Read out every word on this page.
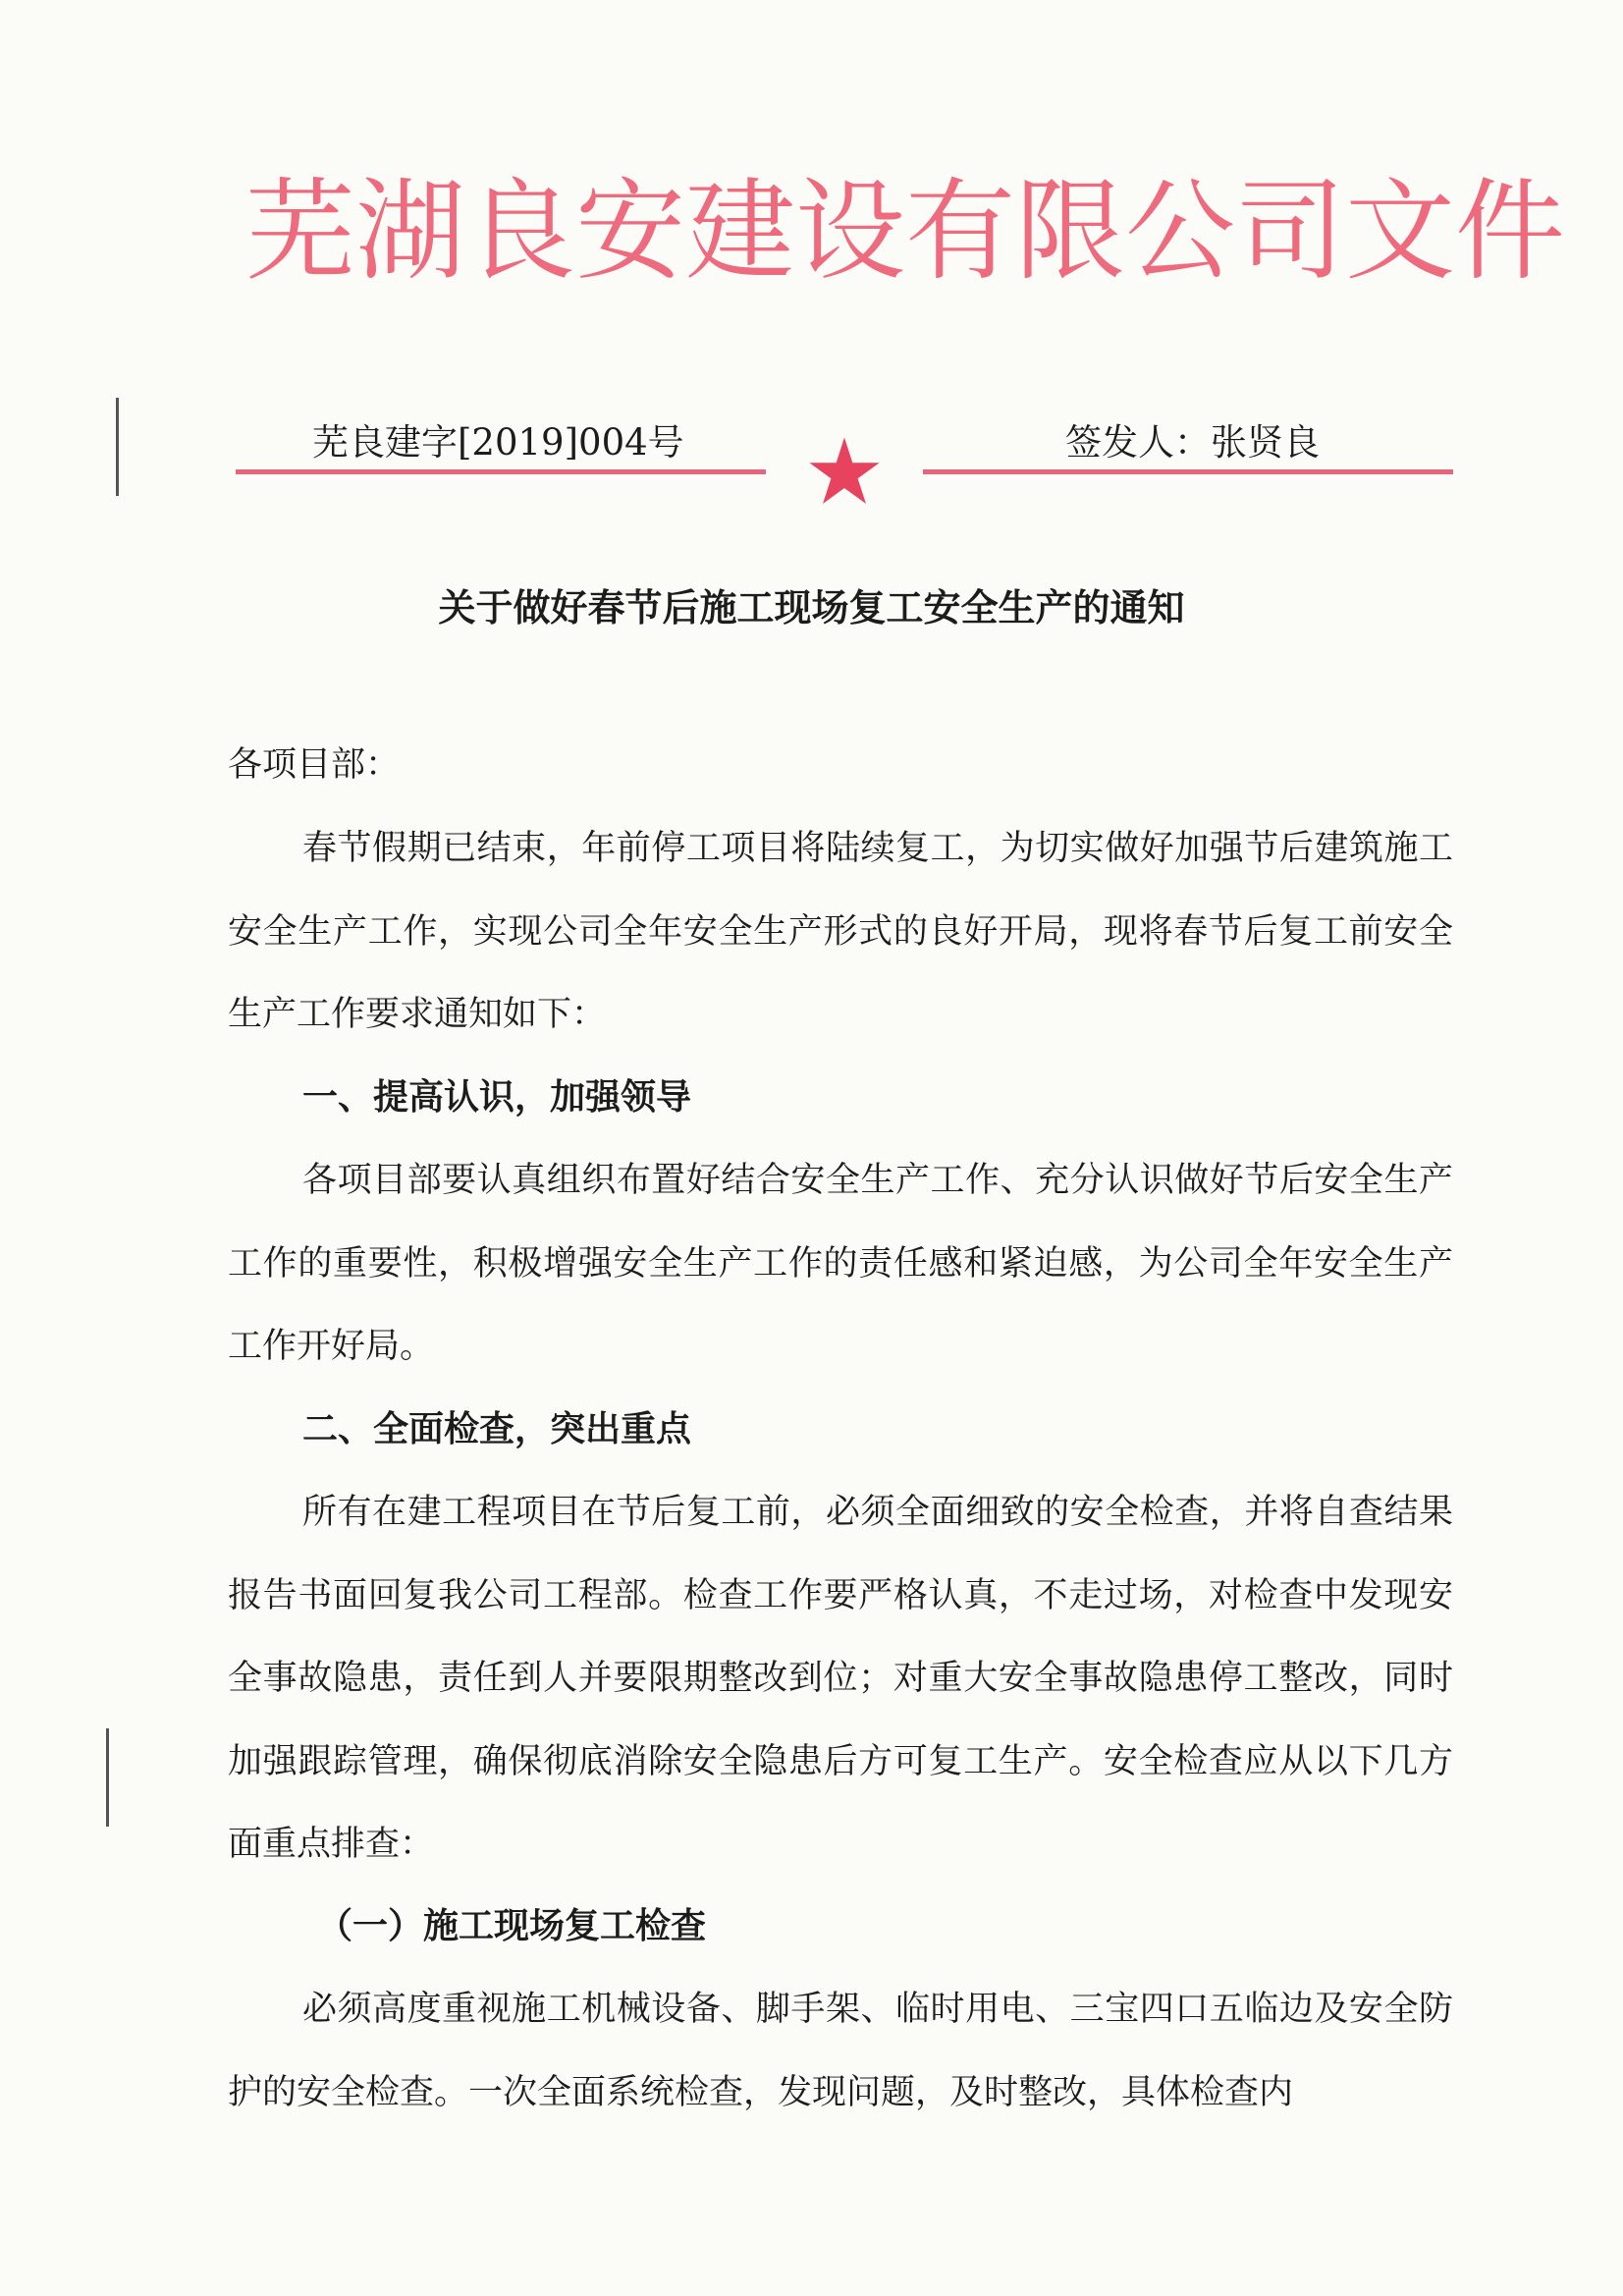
芜湖良安建设有限公司文件
芜良建字[2019]004号	签发人：张贤良
关于做好春节后施工现场复工安全生产的通知
各项目部：

春节假期已结束，年前停工项目将陆续复工，为切实做好加强节后建筑施工安全生产工作，实现公司全年安全生产形式的良好开局，现将春节后复工前安全生产工作要求通知如下：

一、提高认识，加强领导

各项目部要认真组织布置好结合安全生产工作、充分认识做好节后安全生产工作的重要性，积极增强安全生产工作的责任感和紧迫感，为公司全年安全生产工作开好局。

二、全面检查，突出重点

所有在建工程项目在节后复工前，必须全面细致的安全检查，并将自查结果报告书面回复我公司工程部。检查工作要严格认真，不走过场，对检查中发现安全事故隐患，责任到人并要限期整改到位；对重大安全事故隐患停工整改，同时加强跟踪管理，确保彻底消除安全隐患后方可复工生产。安全检查应从以下几方面重点排查：

（一）施工现场复工检查

必须高度重视施工机械设备、脚手架、临时用电、三宝四口五临边及安全防护的安全检查。一次全面系统检查，发现问题，及时整改，具体检查内
